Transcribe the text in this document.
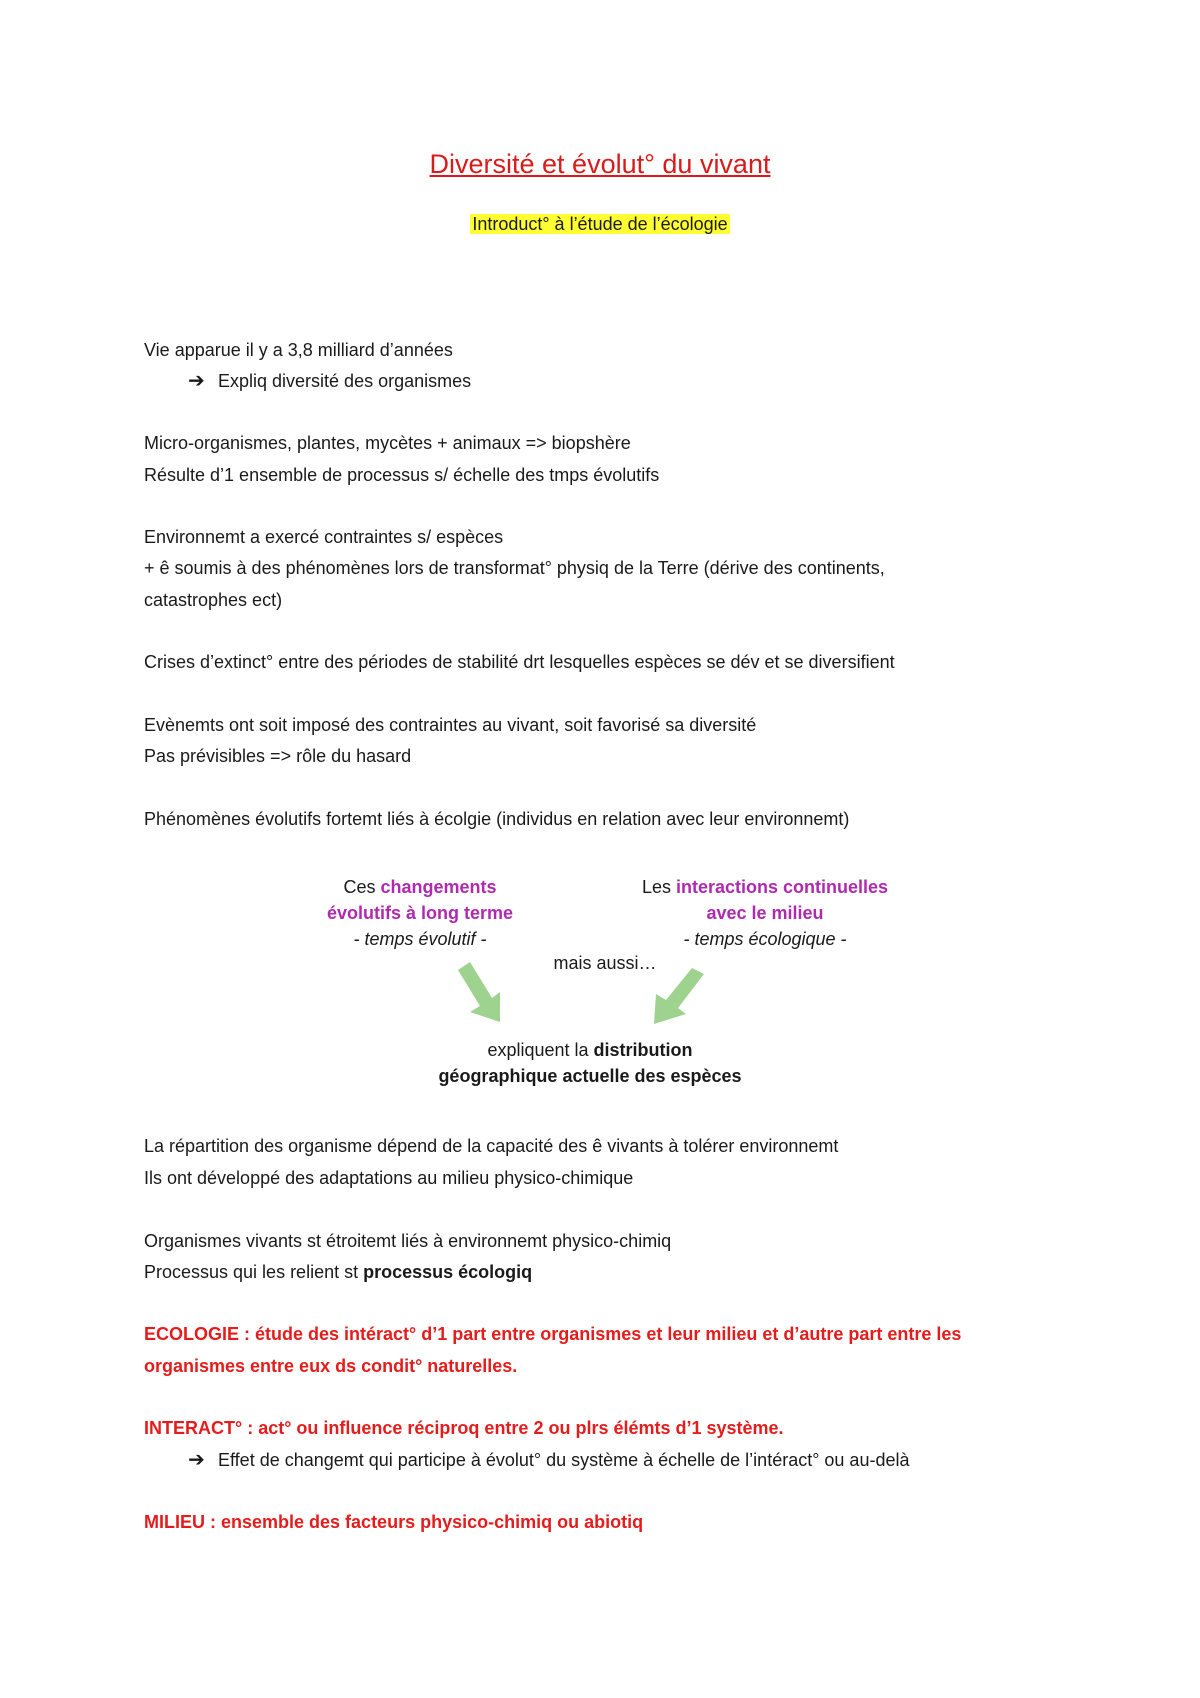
Diversité et évolut° du vivant
Introduct° à l’étude de l’écologie
Vie apparue il y a 3,8 milliard d’années
➔ Expliq diversité des organismes
Micro-organismes, plantes, mycètes + animaux => biopshère
Résulte d’1 ensemble de processus s/ échelle des tmps évolutifs
Environnemt a exercé contraintes s/ espèces
+ ê soumis à des phénomènes lors de transformat° physiq de la Terre (dérive des continents,
catastrophes ect)
Crises d’extinct° entre des périodes de stabilité drt lesquelles espèces se dév et se diversifient
Evènemts ont soit imposé des contraintes au vivant, soit favorisé sa diversité
Pas prévisibles => rôle du hasard
Phénomènes évolutifs fortemt liés à écolgie (individus en relation avec leur environnemt)
Ces changements
évolutifs à long terme
- temps évolutif -
Les interactions continuelles
avec le milieu
- temps écologique -
mais aussi…
expliquent la distribution
géographique actuelle des espèces
La répartition des organisme dépend de la capacité des ê vivants à tolérer environnemt
Ils ont développé des adaptations au milieu physico-chimique
Organismes vivants st étroitemt liés à environnemt physico-chimiq
Processus qui les relient st processus écologiq
ECOLOGIE : étude des intéract° d’1 part entre organismes et leur milieu et d’autre part entre les
organismes entre eux ds condit° naturelles.
INTERACT° : act° ou influence réciproq entre 2 ou plrs élémts d’1 système.
➔ Effet de changemt qui participe à évolut° du système à échelle de l’intéract° ou au-delà
MILIEU : ensemble des facteurs physico-chimiq ou abiotiq
